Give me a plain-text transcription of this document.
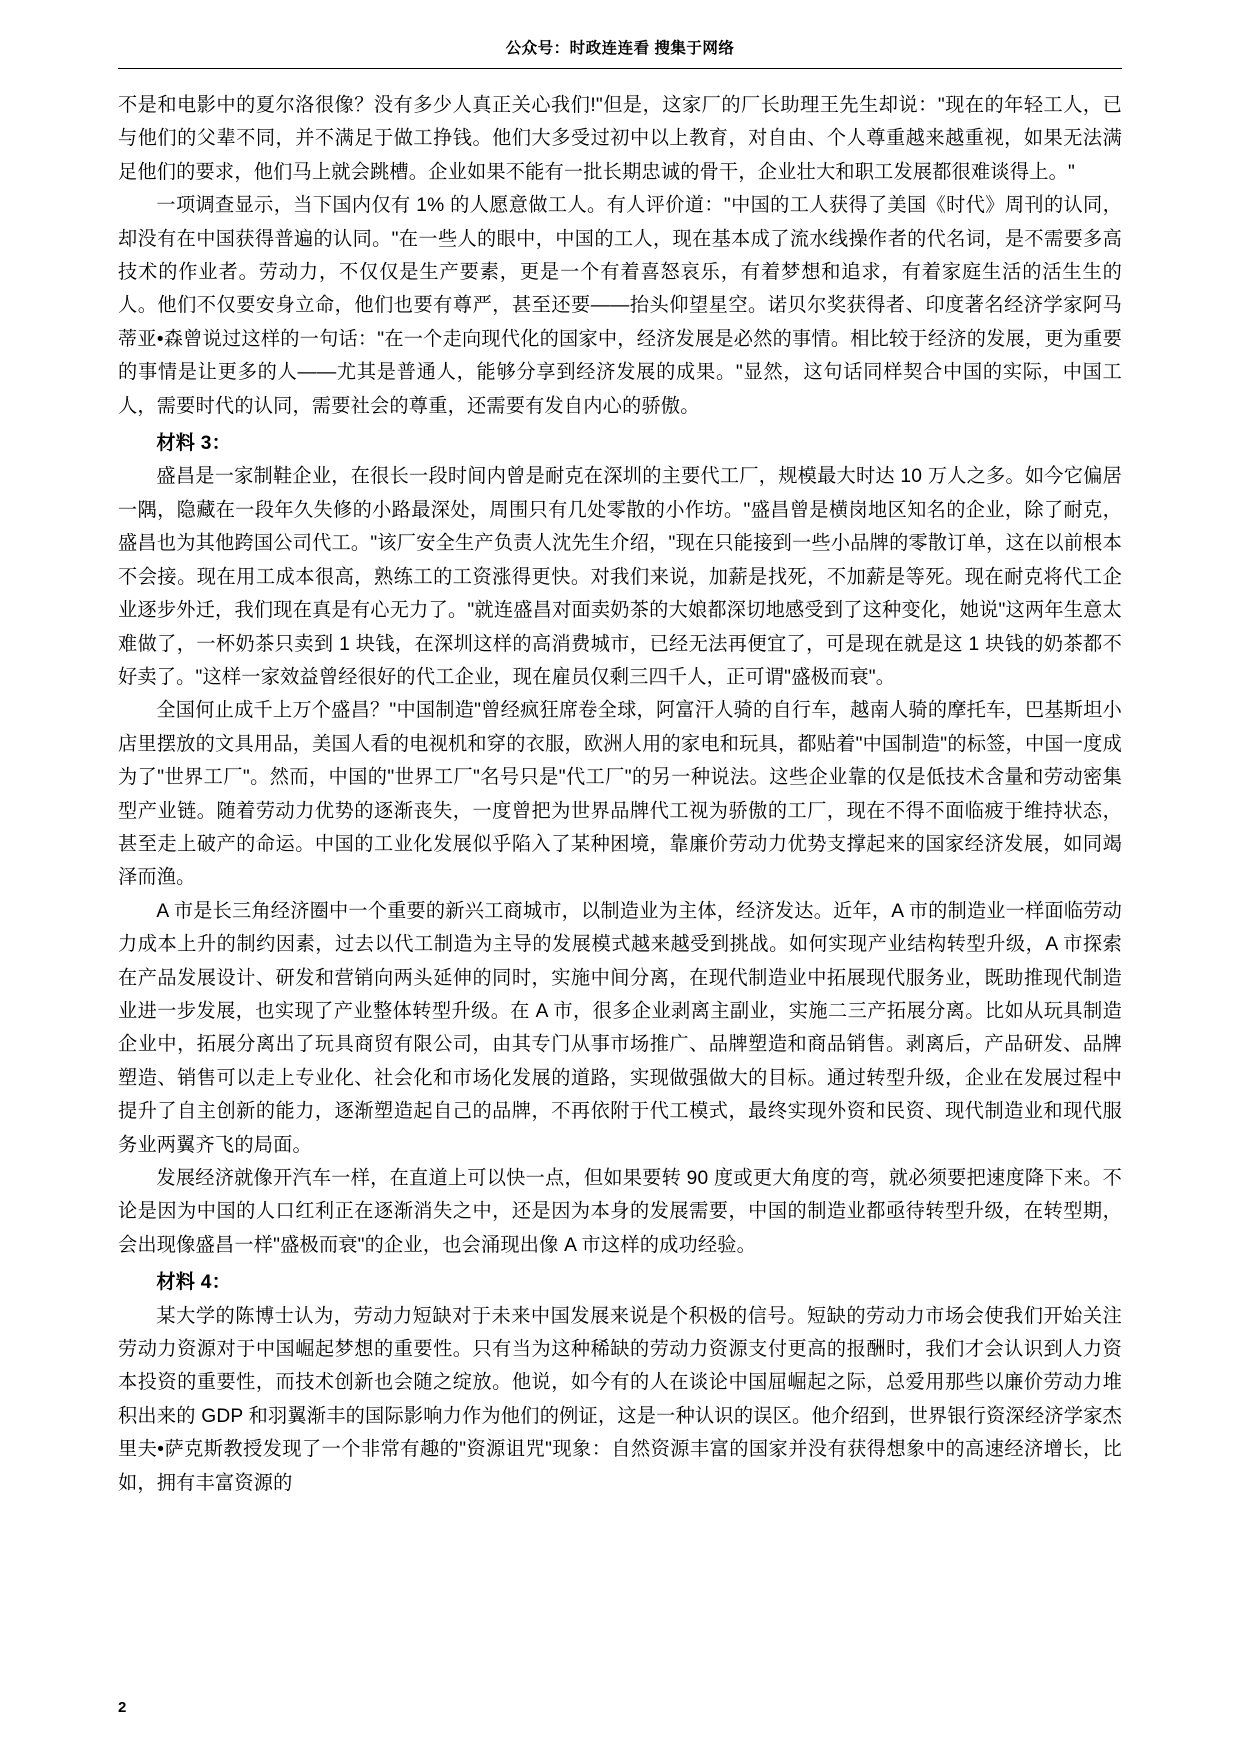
公众号：时政连连看 搜集于网络

不是和电影中的夏尔洛很像？没有多少人真正关心我们!"但是，这家厂的厂长助理王先生却说："现在的年轻工人，已与他们的父辈不同，并不满足于做工挣钱。他们大多受过初中以上教育，对自由、个人尊重越来越重视，如果无法满足他们的要求，他们马上就会跳槽。企业如果不能有一批长期忠诚的骨干，企业壮大和职工发展都很难谈得上。"

一项调查显示，当下国内仅有 1% 的人愿意做工人。有人评价道："中国的工人获得了美国《时代》周刊的认同，却没有在中国获得普遍的认同。"在一些人的眼中，中国的工人，现在基本成了流水线操作者的代名词，是不需要多高技术的作业者。劳动力，不仅仅是生产要素，更是一个有着喜怒哀乐，有着梦想和追求，有着家庭生活的活生生的人。他们不仅要安身立命，他们也要有尊严，甚至还要——抬头仰望星空。诺贝尔奖获得者、印度著名经济学家阿马蒂亚•森曾说过这样的一句话："在一个走向现代化的国家中，经济发展是必然的事情。相比较于经济的发展，更为重要的事情是让更多的人——尤其是普通人，能够分享到经济发展的成果。"显然，这句话同样契合中国的实际，中国工人，需要时代的认同，需要社会的尊重，还需要有发自内心的骄傲。

材料 3：

盛昌是一家制鞋企业，在很长一段时间内曾是耐克在深圳的主要代工厂，规模最大时达 10 万人之多。如今它偏居一隅，隐藏在一段年久失修的小路最深处，周围只有几处零散的小作坊。"盛昌曾是横岗地区知名的企业，除了耐克，盛昌也为其他跨国公司代工。"该厂安全生产负责人沈先生介绍，"现在只能接到一些小品牌的零散订单，这在以前根本不会接。现在用工成本很高，熟练工的工资涨得更快。对我们来说，加薪是找死，不加薪是等死。现在耐克将代工企业逐步外迁，我们现在真是有心无力了。"就连盛昌对面卖奶茶的大娘都深切地感受到了这种变化，她说"这两年生意太难做了，一杯奶茶只卖到 1 块钱，在深圳这样的高消费城市，已经无法再便宜了，可是现在就是这 1 块钱的奶茶都不好卖了。"这样一家效益曾经很好的代工企业，现在雇员仅剩三四千人，正可谓"盛极而衰"。

全国何止成千上万个盛昌？"中国制造"曾经疯狂席卷全球，阿富汗人骑的自行车，越南人骑的摩托车，巴基斯坦小店里摆放的文具用品，美国人看的电视机和穿的衣服，欧洲人用的家电和玩具，都贴着"中国制造"的标签，中国一度成为了"世界工厂"。然而，中国的"世界工厂"名号只是"代工厂"的另一种说法。这些企业靠的仅是低技术含量和劳动密集型产业链。随着劳动力优势的逐渐丧失，一度曾把为世界品牌代工视为骄傲的工厂，现在不得不面临疲于维持状态，甚至走上破产的命运。中国的工业化发展似乎陷入了某种困境，靠廉价劳动力优势支撑起来的国家经济发展，如同竭泽而渔。

A 市是长三角经济圈中一个重要的新兴工商城市，以制造业为主体，经济发达。近年，A 市的制造业一样面临劳动力成本上升的制约因素，过去以代工制造为主导的发展模式越来越受到挑战。如何实现产业结构转型升级，A 市探索在产品发展设计、研发和营销向两头延伸的同时，实施中间分离，在现代制造业中拓展现代服务业，既助推现代制造业进一步发展，也实现了产业整体转型升级。在 A 市，很多企业剥离主副业，实施二三产拓展分离。比如从玩具制造企业中，拓展分离出了玩具商贸有限公司，由其专门从事市场推广、品牌塑造和商品销售。剥离后，产品研发、品牌塑造、销售可以走上专业化、社会化和市场化发展的道路，实现做强做大的目标。通过转型升级，企业在发展过程中提升了自主创新的能力，逐渐塑造起自己的品牌，不再依附于代工模式，最终实现外资和民资、现代制造业和现代服务业两翼齐飞的局面。

发展经济就像开汽车一样，在直道上可以快一点，但如果要转 90 度或更大角度的弯，就必须要把速度降下来。不论是因为中国的人口红利正在逐渐消失之中，还是因为本身的发展需要，中国的制造业都亟待转型升级，在转型期，会出现像盛昌一样"盛极而衰"的企业，也会涌现出像 A 市这样的成功经验。

材料 4：

某大学的陈博士认为，劳动力短缺对于未来中国发展来说是个积极的信号。短缺的劳动力市场会使我们开始关注劳动力资源对于中国崛起梦想的重要性。只有当为这种稀缺的劳动力资源支付更高的报酬时，我们才会认识到人力资本投资的重要性，而技术创新也会随之绽放。他说，如今有的人在谈论中国屈崛起之际，总爱用那些以廉价劳动力堆积出来的 GDP 和羽翼渐丰的国际影响力作为他们的例证，这是一种认识的误区。他介绍到，世界银行资深经济学家杰里夫•萨克斯教授发现了一个非常有趣的"资源诅咒"现象：自然资源丰富的国家并没有获得想象中的高速经济增长，比如，拥有丰富资源的

2
